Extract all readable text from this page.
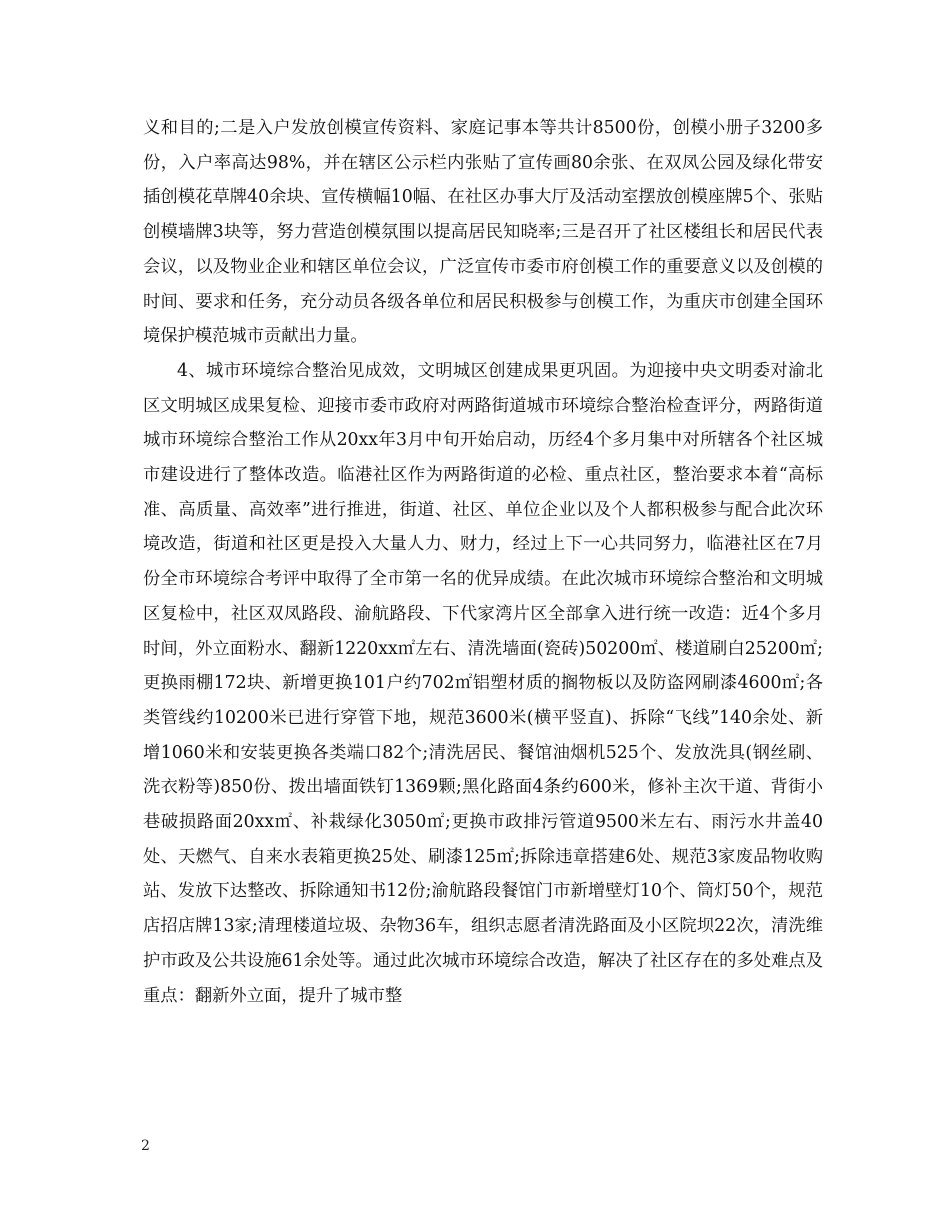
义和目的;二是入户发放创模宣传资料、家庭记事本等共计8500份，创模小册子3200多份，入户率高达98%，并在辖区公示栏内张贴了宣传画80余张、在双凤公园及绿化带安插创模花草牌40余块、宣传横幅10幅、在社区办事大厅及活动室摆放创模座牌5个、张贴创模墙牌3块等，努力营造创模氛围以提高居民知晓率;三是召开了社区楼组长和居民代表会议，以及物业企业和辖区单位会议，广泛宣传市委市府创模工作的重要意义以及创模的时间、要求和任务，充分动员各级各单位和居民积极参与创模工作，为重庆市创建全国环境保护模范城市贡献出力量。

4、城市环境综合整治见成效，文明城区创建成果更巩固。为迎接中央文明委对渝北区文明城区成果复检、迎接市委市政府对两路街道城市环境综合整治检查评分，两路街道城市环境综合整治工作从20xx年3月中旬开始启动，历经4个多月集中对所辖各个社区城市建设进行了整体改造。临港社区作为两路街道的必检、重点社区，整治要求本着“高标准、高质量、高效率”进行推进，街道、社区、单位企业以及个人都积极参与配合此次环境改造，街道和社区更是投入大量人力、财力，经过上下一心共同努力，临港社区在7月份全市环境综合考评中取得了全市第一名的优异成绩。在此次城市环境综合整治和文明城区复检中，社区双凤路段、渝航路段、下代家湾片区全部拿入进行统一改造：近4个多月时间，外立面粉水、翻新1220xx㎡左右、清洗墙面(瓷砖)50200㎡、楼道刷白25200㎡;更换雨棚172块、新增更换101户约702㎡铝塑材质的搁物板以及防盗网刷漆4600㎡;各类管线约10200米已进行穿管下地，规范3600米(横平竖直)、拆除“飞线”140余处、新增1060米和安装更换各类端口82个;清洗居民、餐馆油烟机525个、发放洗具(钢丝刷、洗衣粉等)850份、拨出墙面铁钉1369颗;黑化路面4条约600米，修补主次干道、背街小巷破损路面20xx㎡、补栽绿化3050㎡;更换市政排污管道9500米左右、雨污水井盖40处、天燃气、自来水表箱更换25处、刷漆125㎡;拆除违章搭建6处、规范3家废品物收购站、发放下达整改、拆除通知书12份;渝航路段餐馆门市新增壁灯10个、筒灯50个，规范店招店牌13家;清理楼道垃圾、杂物36车，组织志愿者清洗路面及小区院坝22次，清洗维护市政及公共设施61余处等。通过此次城市环境综合改造，解决了社区存在的多处难点及重点：翻新外立面，提升了城市整

2
